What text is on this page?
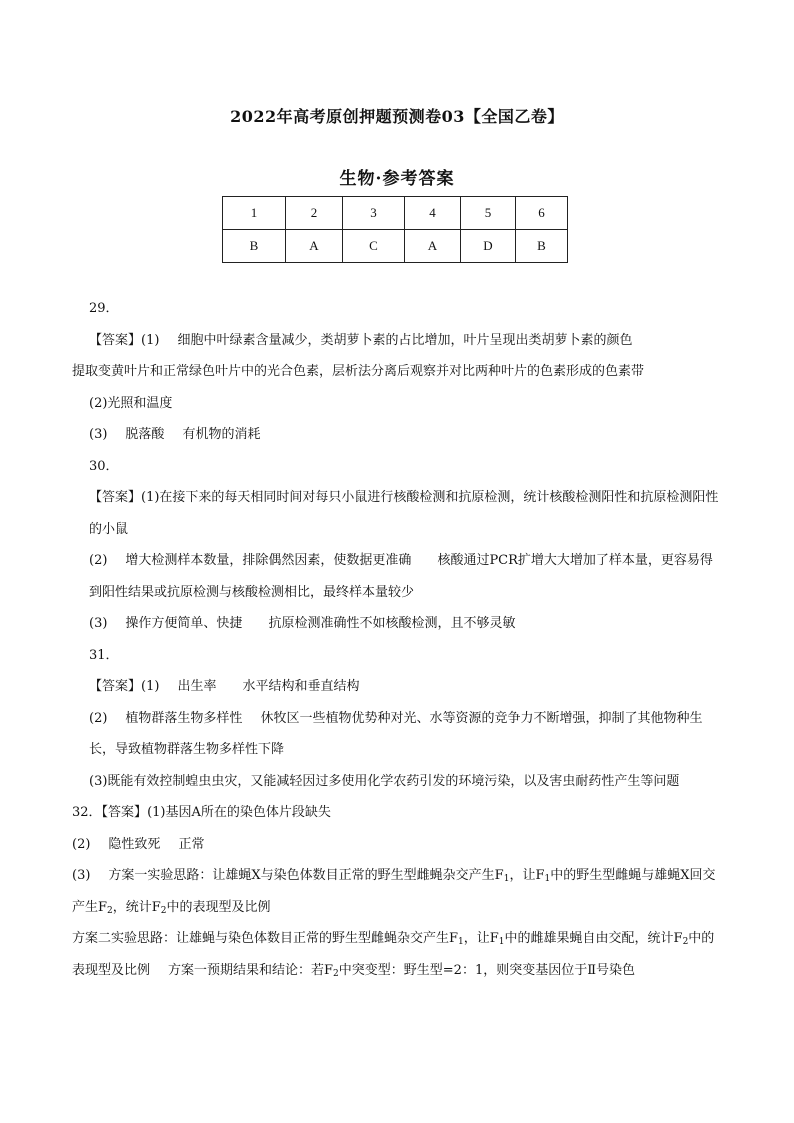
2022年高考原创押题预测卷03【全国乙卷】
生物·参考答案
1	2	3	4	5	6
B	A	C	A	D	B

29．

【答案】(1) 细胞中叶绿素含量减少，类胡萝卜素的占比增加，叶片呈现出类胡萝卜素的颜色

提取变黄叶片和正常绿色叶片中的光合色素，层析法分离后观察并对比两种叶片的色素形成的色素带

(2)光照和温度

(3) 脱落酸 有机物的消耗

30．

【答案】(1)在接下来的每天相同时间对每只小鼠进行核酸检测和抗原检测，统计核酸检测阳性和抗原检测阳性的小鼠

(2) 增大检测样本数量，排除偶然因素，使数据更准确 核酸通过PCR扩增大大增加了样本量，更容易得到阳性结果或抗原检测与核酸检测相比，最终样本量较少

(3) 操作方便简单、快捷 抗原检测准确性不如核酸检测，且不够灵敏

31．

【答案】(1) 出生率 水平结构和垂直结构

(2) 植物群落生物多样性 休牧区一些植物优势种对光、水等资源的竞争力不断增强，抑制了其他物种生长，导致植物群落生物多样性下降

(3)既能有效控制蝗虫虫灾，又能减轻因过多使用化学农药引发的环境污染，以及害虫耐药性产生等问题

32．【答案】(1)基因A所在的染色体片段缺失

(2) 隐性致死 正常

(3) 方案一实验思路：让雄蝇X与染色体数目正常的野生型雌蝇杂交产生$F_1$，让$F_1$中的野生型雌蝇与雄蝇X回交产生$F_2$，统计$F_2$中的表现型及比例

方案二实验思路：让雄蝇与染色体数目正常的野生型雌蝇杂交产生$F_1$，让$F_1$中的雌雄果蝇自由交配，统计$F_2$中的表现型及比例 方案一预期结果和结论：若$F_2$中突变型：野生型=2：1，则突变基因位于Ⅱ号染色
